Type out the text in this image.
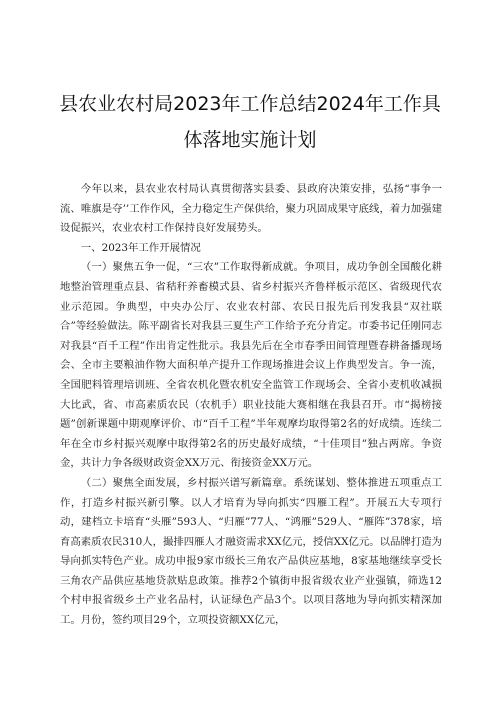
县农业农村局2023年工作总结2024年工作具
体落地实施计划

今年以来，县农业农村局认真贯彻落实县委、县政府决策安排，弘扬“事争一流、唯旗是夺’’工作作风，全力稳定生产保供给，聚力巩固成果守底线，着力加强建设促振兴，农业农村工作保持良好发展势头。

一、2023年工作开展情况

（一）聚焦五争一促，“三农”工作取得新成就。争项目，成功争创全国酸化耕地整治管理重点县、省秸秆养畜模式县、省乡村振兴齐鲁样板示范区、省级现代农业示范园。争典型，中央办公厅、农业农村部、农民日报先后刊发我县“双社联合”等经验做法。陈平副省长对我县三夏生产工作给予充分肯定。市委书记任刚同志对我县“百千工程”作出肯定性批示。我县先后在全市春季田间管理暨春耕备播现场会、全市主要粮油作物大面积单产提升工作现场推进会议上作典型发言。争一流，全国肥料管理培训班、全省农机化暨农机安全监管工作现场会、全省小麦机收减损大比武，省、市高素质农民（农机手）职业技能大赛相继在我县召开。市“揭榜接题”创新课题中期观摩评价、市“百千工程”半年观摩均取得第2名的好成绩。连续二年在全市乡村振兴观摩中取得第2名的历史最好成绩，“十佳项目”独占两席。争资金，共计力争各级财政资金XX万元、衔接资金XX万元。

（二）聚焦全面发展，乡村振兴谱写新篇章。系统谋划、整体推进五项重点工作，打造乡村振兴新引擎。以人才培育为导向抓实“四雁工程”。开展五大专项行动，建档立卡培育“头雁”593人、“归雁”77人、“鸿雁”529人、“雁阵”378家，培育高素质农民310人，撮排四雁人才融资需求XX亿元，授信XX亿元。以品牌打造为导向抓实特色产业。成功申报9家市级长三角农产品供应基地，8家基地继续享受长三角农产品供应基地贷款贴息政策。推荐2个镇街申报省级农业产业强镇，筛选12个村申报省级乡土产业名品村，认证绿色产品3个。以项目落地为导向抓实精深加工。月份，签约项目29个，立项投资额XX亿元，
